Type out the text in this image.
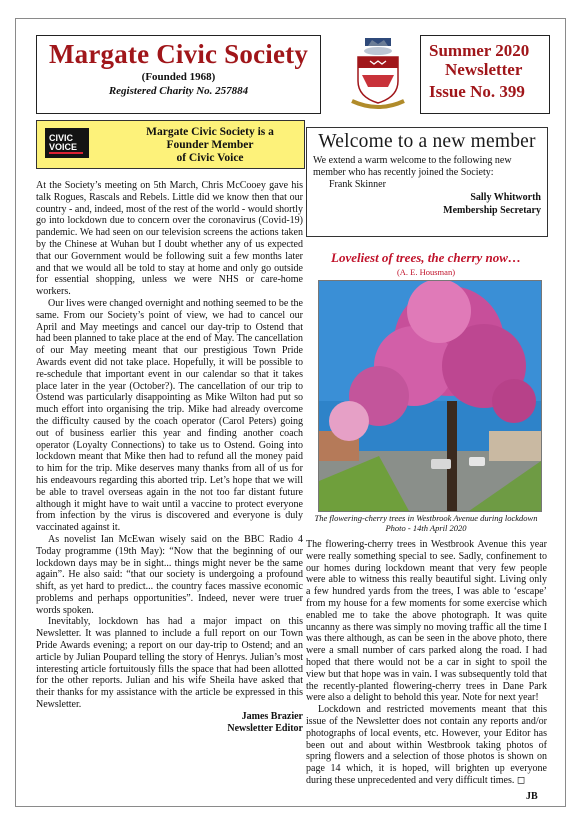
Margate Civic Society
(Founded 1968)
Registered Charity No. 257884
Summer 2020
Newsletter
Issue No. 399
CIVIC
VOICE
Margate Civic Society is a
Founder Member
of Civic Voice
Welcome to a new member
We extend a warm welcome to the following new member who has recently joined the Society:
Frank Skinner
Sally Whitworth
Membership Secretary

At the Society’s meeting on 5th March, Chris McCooey gave his talk Rogues, Rascals and Rebels. Little did we know then that our country - and, indeed, most of the rest of the world - would shortly go into lockdown due to concern over the coronavirus (Covid-19) pandemic. We had seen on our television screens the actions taken by the Chinese at Wuhan but I doubt whether any of us expected that our Government would be following suit a few months later and that we would all be told to stay at home and only go outside for essential shopping, unless we were NHS or care-home workers.

Our lives were changed overnight and nothing seemed to be the same. From our Society’s point of view, we had to cancel our April and May meetings and cancel our day-trip to Ostend that had been planned to take place at the end of May. The cancellation of our May meeting meant that our prestigious Town Pride Awards event did not take place. Hopefully, it will be possible to re-schedule that important event in our calendar so that it takes place later in the year (October?). The cancellation of our trip to Ostend was particularly disappointing as Mike Wilton had put so much effort into organising the trip. Mike had already overcome the difficulty caused by the coach operator (Carol Peters) going out of business earlier this year and finding another coach operator (Loyalty Connections) to take us to Ostend. Going into lockdown meant that Mike then had to refund all the money paid to him for the trip. Mike deserves many thanks from all of us for his endeavours regarding this aborted trip. Let’s hope that we will be able to travel overseas again in the not too far distant future although it might have to wait until a vaccine to protect everyone from infection by the virus is discovered and everyone is duly vaccinated against it.

As novelist Ian McEwan wisely said on the BBC Radio 4 Today programme (19th May): “Now that the beginning of our lockdown days may be in sight... things might never be the same again”. He also said: “that our society is undergoing a profound shift, as yet hard to predict... the country faces massive economic problems and perhaps opportunities”. Indeed, never were truer words spoken.

Inevitably, lockdown has had a major impact on this Newsletter. It was planned to include a full report on our Town Pride Awards evening; a report on our day-trip to Ostend; and an article by Julian Poupard telling the story of Henrys. Julian’s most interesting article fortuitously fills the space that had been allotted for the other reports. Julian and his wife Sheila have asked that their thanks for my assistance with the article be expressed in this Newsletter.

James Brazier
Newsletter Editor
Loveliest of trees, the cherry now…
(A. E. Housman)
The flowering-cherry trees in Westbrook Avenue during lockdown Photo - 14th April 2020

The flowering-cherry trees in Westbrook Avenue this year were really something special to see. Sadly, confinement to our homes during lockdown meant that very few people were able to witness this really beautiful sight. Living only a few hundred yards from the trees, I was able to ‘escape’ from my house for a few moments for some exercise which enabled me to take the above photograph. It was quite uncanny as there was simply no moving traffic all the time I was there although, as can be seen in the above photo, there were a small number of cars parked along the road. I had hoped that there would not be a car in sight to spoil the view but that hope was in vain. I was subsequently told that the recently-planted flowering-cherry trees in Dane Park were also a delight to behold this year. Note for next year!

Lockdown and restricted movements meant that this issue of the Newsletter does not contain any reports and/or photographs of local events, etc. However, your Editor has been out and about within Westbrook taking photos of spring flowers and a selection of those photos is shown on page 14 which, it is hoped, will brighten up everyone during these unprecedented and very difficult times. ◻

JB
